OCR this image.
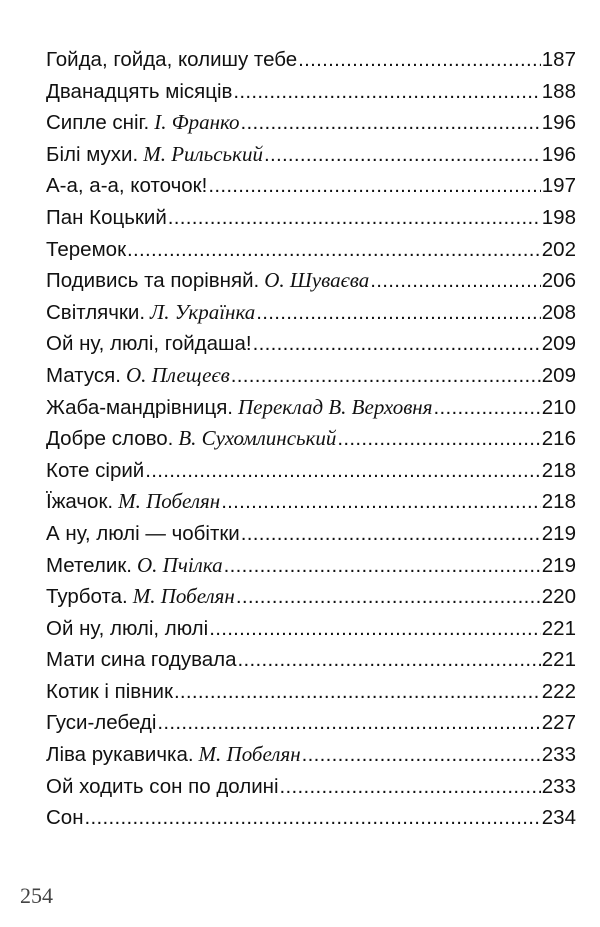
Гойда, гойда, колишу тебе .....	187
Дванадцять місяців .....	188
Сипле сніг. І. Франко .....	196
Білі мухи. М. Рильський .....	196
А-а, а-а, коточок! .....	197
Пан Коцький .....	198
Теремок .....	202
Подивись та порівняй. О. Шуваєва .....	206
Світлячки. Л. Українка .....	208
Ой ну, люлі, гойдаша! .....	209
Матуся. О. Плещеєв .....	209
Жаба-мандрівниця. Переклад В. Верховня .....	210
Добре слово. В. Сухомлинський .....	216
Коте сірий .....	218
Їжачок. М. Побелян .....	218
А ну, люлі — чобітки .....	219
Метелик. О. Пчілка .....	219
Турбота. М. Побелян .....	220
Ой ну, люлі, люлі .....	221
Мати сина годувала .....	221
Котик і півник .....	222
Гуси-лебеді .....	227
Ліва рукавичка. М. Побелян .....	233
Ой ходить сон по долині .....	233
Сон .....	234
254
